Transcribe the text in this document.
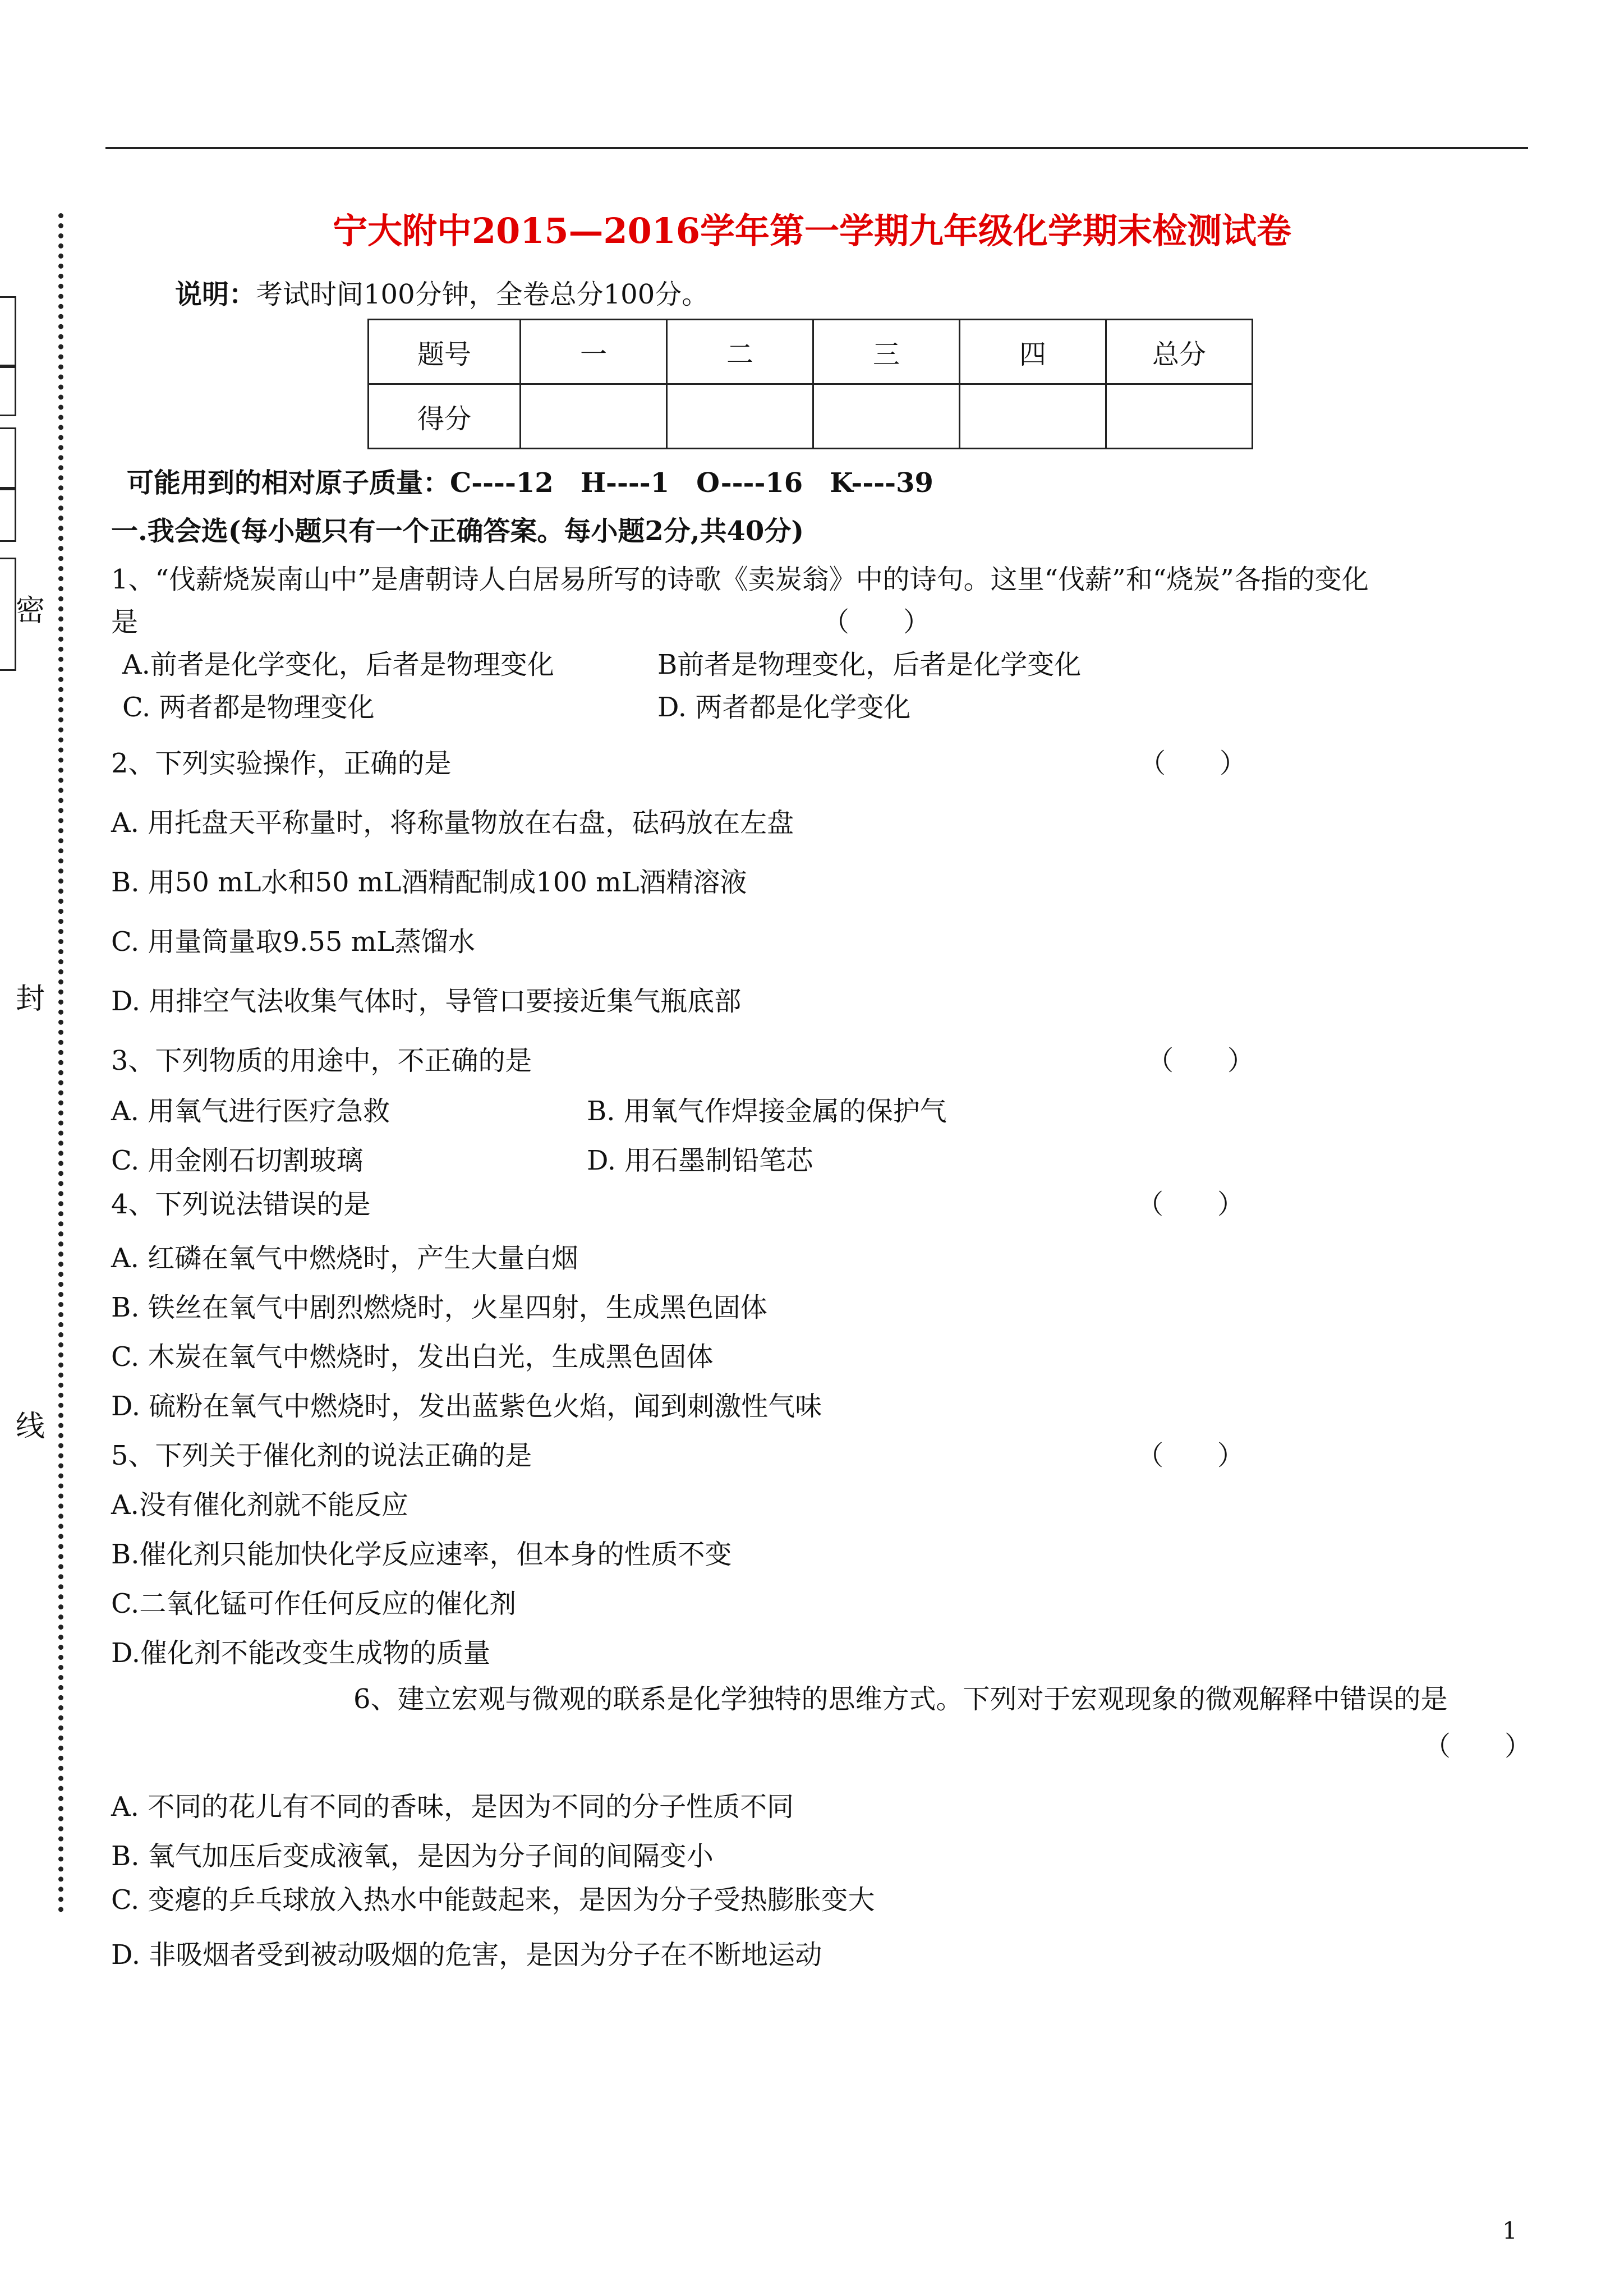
密
封
线
宁大附中2015—2016学年第一学期九年级化学期末检测试卷
说明：考试时间100分钟，全卷总分100分。
题号	一	二	三	四	总分
得分					
可能用到的相对原子质量：C----12　H----1　O----16　K----39
一.我会选(每小题只有一个正确答案。每小题2分,共40分)
1、“伐薪烧炭南山中”是唐朝诗人白居易所写的诗歌《卖炭翁》中的诗句。这里“伐薪”和“烧炭”各指的变化
是	（　　）
A.前者是化学变化，后者是物理变化	B前者是物理变化，后者是化学变化
C. 两者都是物理变化	D. 两者都是化学变化
2、下列实验操作，正确的是	（　　）
A. 用托盘天平称量时，将称量物放在右盘，砝码放在左盘
B. 用50 mL水和50 mL酒精配制成100 mL酒精溶液
C. 用量筒量取9.55 mL蒸馏水
D. 用排空气法收集气体时，导管口要接近集气瓶底部
3、下列物质的用途中，不正确的是	（　　）
A. 用氧气进行医疗急救	B. 用氧气作焊接金属的保护气
C. 用金刚石切割玻璃	D. 用石墨制铅笔芯
4、下列说法错误的是	（　　）
A. 红磷在氧气中燃烧时，产生大量白烟
B. 铁丝在氧气中剧烈燃烧时，火星四射，生成黑色固体
C. 木炭在氧气中燃烧时，发出白光，生成黑色固体
D. 硫粉在氧气中燃烧时，发出蓝紫色火焰，闻到刺激性气味
5、下列关于催化剂的说法正确的是	（　　）
A.没有催化剂就不能反应
B.催化剂只能加快化学反应速率，但本身的性质不变
C.二氧化锰可作任何反应的催化剂
D.催化剂不能改变生成物的质量
6、建立宏观与微观的联系是化学独特的思维方式。下列对于宏观现象的微观解释中错误的是
（　　）
A. 不同的花儿有不同的香味，是因为不同的分子性质不同
B. 氧气加压后变成液氧，是因为分子间的间隔变小
C. 变瘪的乒乓球放入热水中能鼓起来，是因为分子受热膨胀变大
D. 非吸烟者受到被动吸烟的危害，是因为分子在不断地运动
1
